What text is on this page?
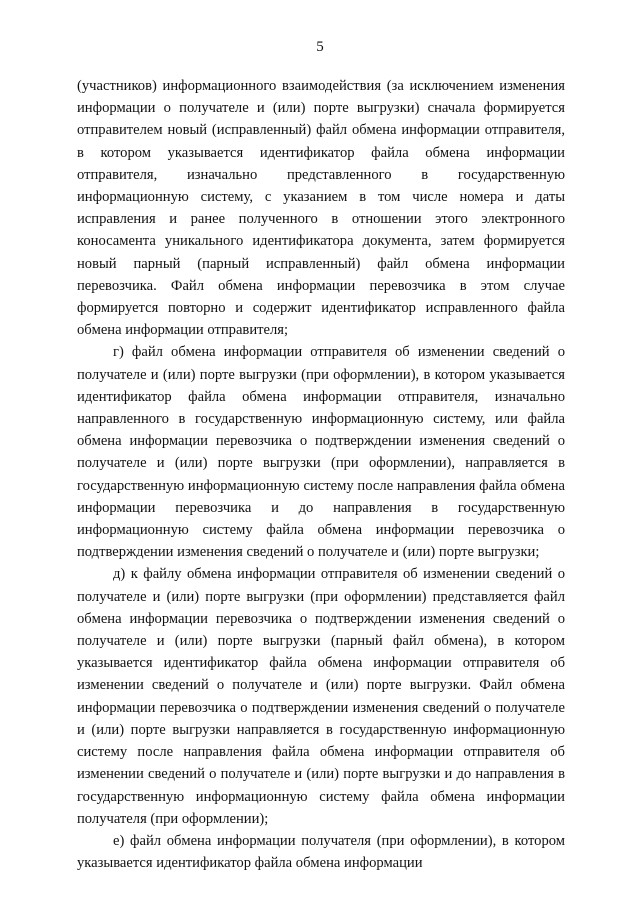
5

(участников) информационного взаимодействия (за исключением изменения информации о получателе и (или) порте выгрузки) сначала формируется отправителем новый (исправленный) файл обмена информации отправителя, в котором указывается идентификатор файла обмена информации отправителя, изначально представленного в государственную информационную систему, с указанием в том числе номера и даты исправления и ранее полученного в отношении этого электронного коносамента уникального идентификатора документа, затем формируется новый парный (парный исправленный) файл обмена информации перевозчика. Файл обмена информации перевозчика в этом случае формируется повторно и содержит идентификатор исправленного файла обмена информации отправителя;

г) файл обмена информации отправителя об изменении сведений о получателе и (или) порте выгрузки (при оформлении), в котором указывается идентификатор файла обмена информации отправителя, изначально направленного в государственную информационную систему, или файла обмена информации перевозчика о подтверждении изменения сведений о получателе и (или) порте выгрузки (при оформлении), направляется в государственную информационную систему после направления файла обмена информации перевозчика и до направления в государственную информационную систему файла обмена информации перевозчика о подтверждении изменения сведений о получателе и (или) порте выгрузки;

д) к файлу обмена информации отправителя об изменении сведений о получателе и (или) порте выгрузки (при оформлении) представляется файл обмена информации перевозчика о подтверждении изменения сведений о получателе и (или) порте выгрузки (парный файл обмена), в котором указывается идентификатор файла обмена информации отправителя об изменении сведений о получателе и (или) порте выгрузки. Файл обмена информации перевозчика о подтверждении изменения сведений о получателе и (или) порте выгрузки направляется в государственную информационную систему после направления файла обмена информации отправителя об изменении сведений о получателе и (или) порте выгрузки и до направления в государственную информационную систему файла обмена информации получателя (при оформлении);

е) файл обмена информации получателя (при оформлении), в котором указывается идентификатор файла обмена информации
